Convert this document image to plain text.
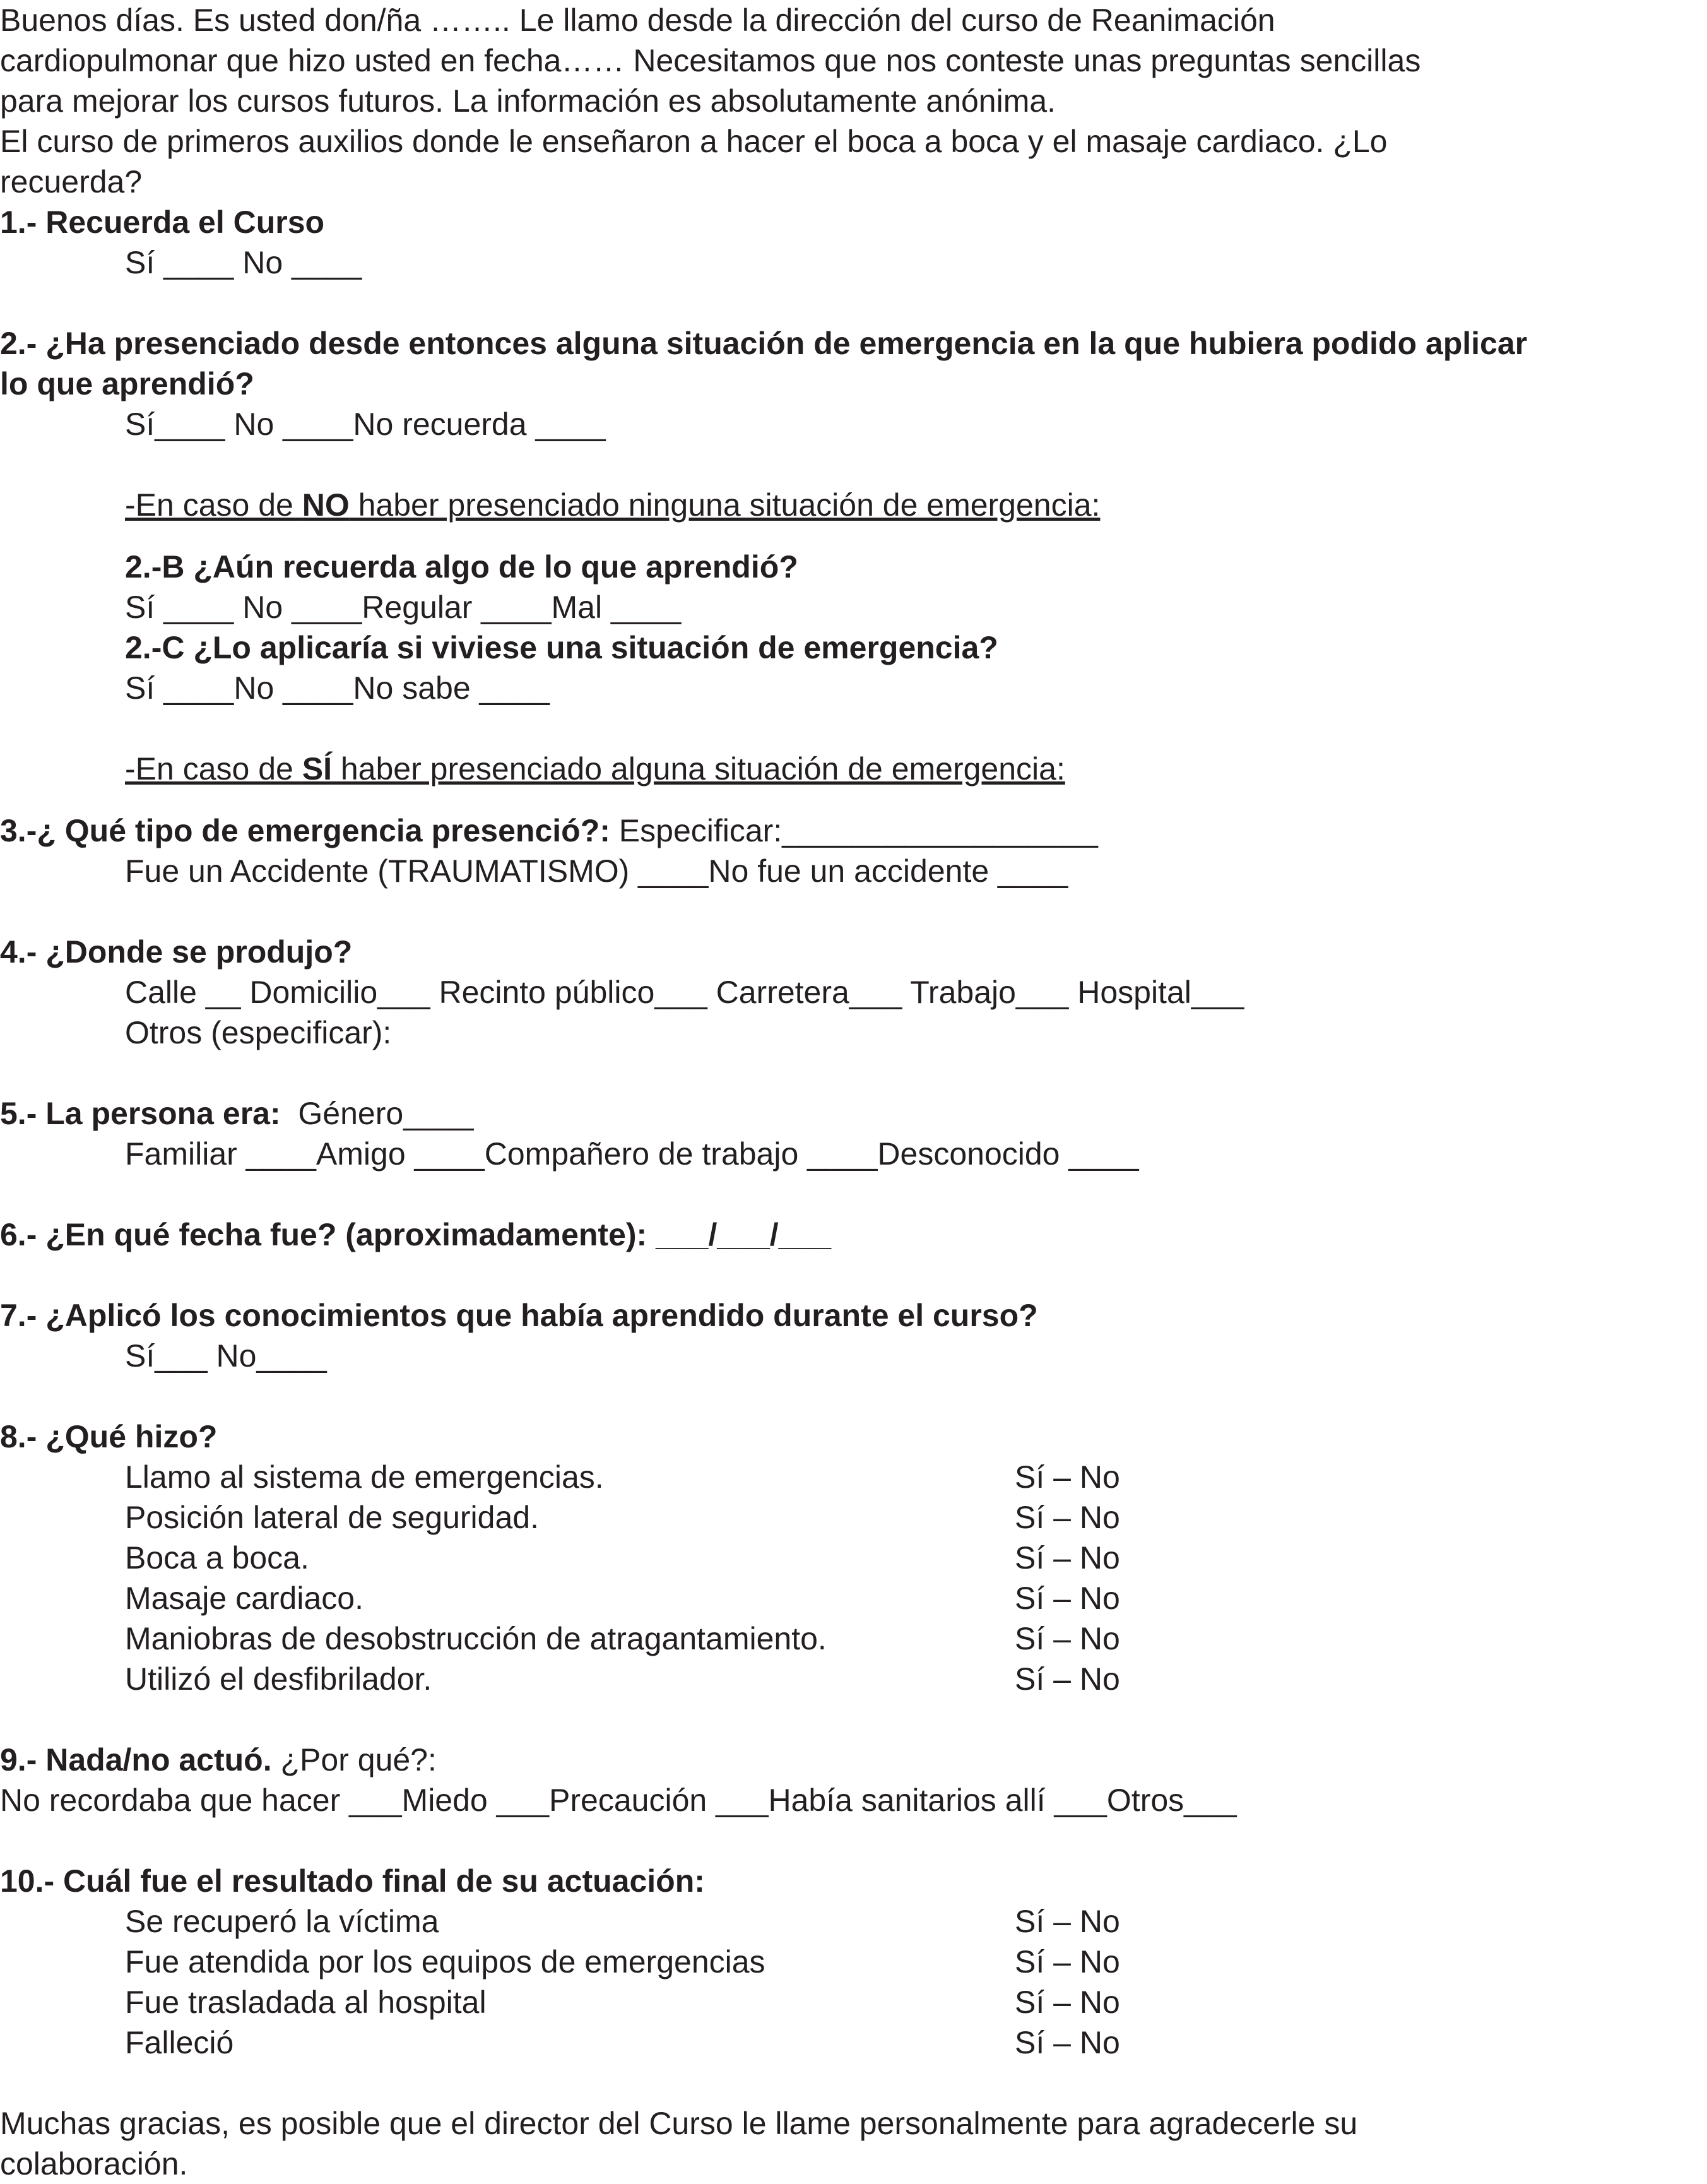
Buenos días. Es usted don/ña …….. Le llamo desde la dirección del curso de Reanimación
cardiopulmonar que hizo usted en fecha…… Necesitamos que nos conteste unas preguntas sencillas
para mejorar los cursos futuros. La información es absolutamente anónima.
El curso de primeros auxilios donde le enseñaron a hacer el boca a boca y el masaje cardiaco. ¿Lo
recuerda?
1.- Recuerda el Curso
Sí ____ No ____
2.- ¿Ha presenciado desde entonces alguna situación de emergencia en la que hubiera podido aplicar
lo que aprendió?
Sí____ No ____No recuerda ____
-En caso de NO haber presenciado ninguna situación de emergencia:
2.-B ¿Aún recuerda algo de lo que aprendió?
Sí ____ No ____Regular ____Mal ____
2.-C ¿Lo aplicaría si viviese una situación de emergencia?
Sí ____No ____No sabe ____
-En caso de SÍ haber presenciado alguna situación de emergencia:
3.-¿ Qué tipo de emergencia presenció?: Especificar:__________________
Fue un Accidente (TRAUMATISMO) ____No fue un accidente ____
4.- ¿Donde se produjo?
Calle __ Domicilio___ Recinto público___ Carretera___ Trabajo___ Hospital___
Otros (especificar):
5.- La persona era:  Género____
Familiar ____Amigo ____Compañero de trabajo ____Desconocido ____
6.- ¿En qué fecha fue? (aproximadamente): ___/___/___
7.- ¿Aplicó los conocimientos que había aprendido durante el curso?
Sí___ No____
8.- ¿Qué hizo?
Llamo al sistema de emergencias.	Sí – No
Posición lateral de seguridad.	Sí – No
Boca a boca.	Sí – No
Masaje cardiaco.	Sí – No
Maniobras de desobstrucción de atragantamiento.	Sí – No
Utilizó el desfibrilador.	Sí – No
9.- Nada/no actuó. ¿Por qué?:
No recordaba que hacer ___Miedo ___Precaución ___Había sanitarios allí ___Otros___
10.- Cuál fue el resultado final de su actuación:
Se recuperó la víctima	Sí – No
Fue atendida por los equipos de emergencias	Sí – No
Fue trasladada al hospital	Sí – No
Falleció	Sí – No
Muchas gracias, es posible que el director del Curso le llame personalmente para agradecerle su
colaboración.
